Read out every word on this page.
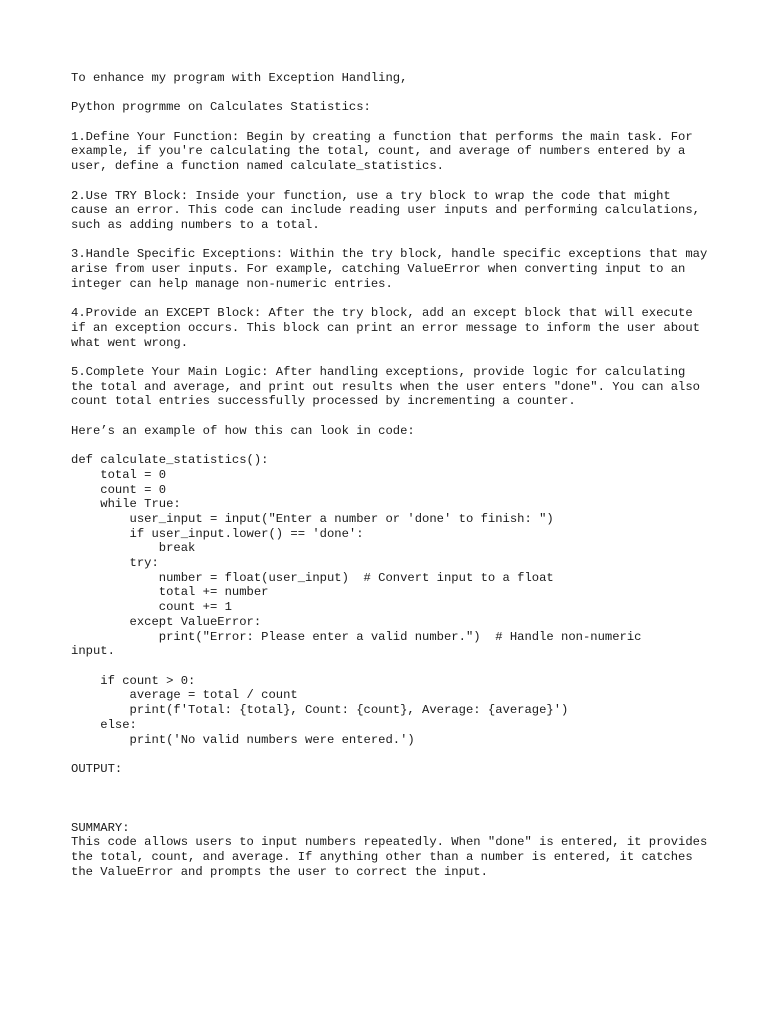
To enhance my program with Exception Handling,
Python progrmme on Calculates Statistics:
1.Define Your Function: Begin by creating a function that performs the main task. For example, if you're calculating the total, count, and average of numbers entered by a user, define a function named calculate_statistics.
2.Use TRY Block: Inside your function, use a try block to wrap the code that might cause an error. This code can include reading user inputs and performing calculations, such as adding numbers to a total.
3.Handle Specific Exceptions: Within the try block, handle specific exceptions that may arise from user inputs. For example, catching ValueError when converting input to an integer can help manage non-numeric entries.
4.Provide an EXCEPT Block: After the try block, add an except block that will execute if an exception occurs. This block can print an error message to inform the user about what went wrong.
5.Complete Your Main Logic: After handling exceptions, provide logic for calculating the total and average, and print out results when the user enters "done". You can also count total entries successfully processed by incrementing a counter.
Here’s an example of how this can look in code:
def calculate_statistics():
total = 0
count = 0
while True:
user_input = input("Enter a number or 'done' to finish: ")
if user_input.lower() == 'done':
break
try:
number = float(user_input)  # Convert input to a float
total += number
count += 1
except ValueError:
print("Error: Please enter a valid number.")  # Handle non-numeric
input.
if count > 0:
average = total / count
print(f'Total: {total}, Count: {count}, Average: {average}')
else:
print('No valid numbers were entered.')
OUTPUT:
SUMMARY:
This code allows users to input numbers repeatedly. When "done" is entered, it provides the total, count, and average. If anything other than a number is entered, it catches the ValueError and prompts the user to correct the input.
